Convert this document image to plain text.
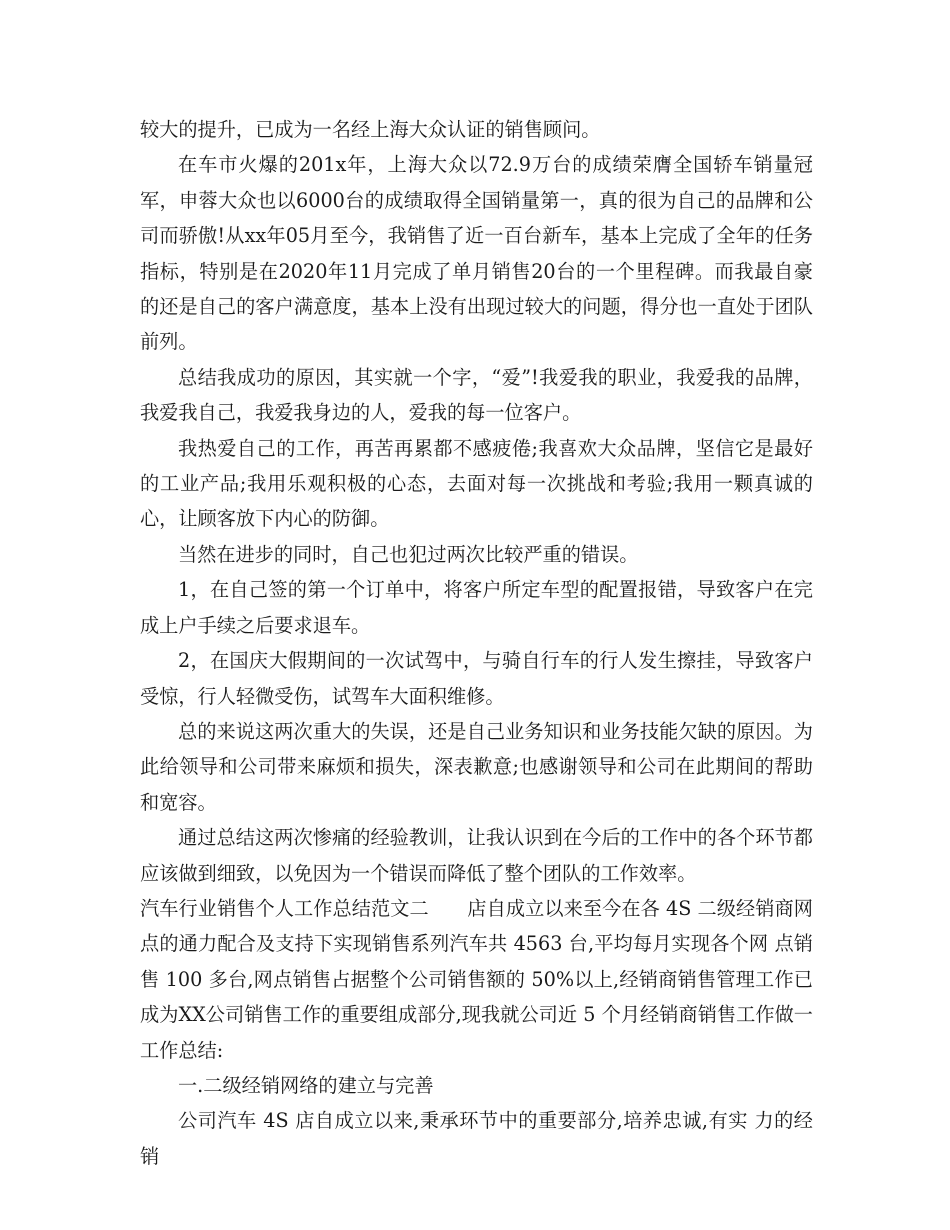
较大的提升，已成为一名经上海大众认证的销售顾问。

在车市火爆的201x年，上海大众以72.9万台的成绩荣膺全国轿车销量冠军，申蓉大众也以6000台的成绩取得全国销量第一，真的很为自己的品牌和公司而骄傲!从xx年05月至今，我销售了近一百台新车，基本上完成了全年的任务指标，特别是在2020年11月完成了单月销售20台的一个里程碑。而我最自豪的还是自己的客户满意度，基本上没有出现过较大的问题，得分也一直处于团队前列。

总结我成功的原因，其实就一个字，“爱”!我爱我的职业，我爱我的品牌，我爱我自己，我爱我身边的人，爱我的每一位客户。

我热爱自己的工作，再苦再累都不感疲倦;我喜欢大众品牌，坚信它是最好的工业产品;我用乐观积极的心态，去面对每一次挑战和考验;我用一颗真诚的心，让顾客放下内心的防御。

当然在进步的同时，自己也犯过两次比较严重的错误。

1，在自己签的第一个订单中，将客户所定车型的配置报错，导致客户在完成上户手续之后要求退车。

2，在国庆大假期间的一次试驾中，与骑自行车的行人发生擦挂，导致客户受惊，行人轻微受伤，试驾车大面积维修。

总的来说这两次重大的失误，还是自己业务知识和业务技能欠缺的原因。为此给领导和公司带来麻烦和损失，深表歉意;也感谢领导和公司在此期间的帮助和宽容。

通过总结这两次惨痛的经验教训，让我认识到在今后的工作中的各个环节都应该做到细致，以免因为一个错误而降低了整个团队的工作效率。

汽车行业销售个人工作总结范文二　　店自成立以来至今在各 4S 二级经销商网点的通力配合及支持下实现销售系列汽车共 4563 台,平均每月实现各个网 点销售 100 多台,网点销售占据整个公司销售额的 50%以上,经销商销售管理工作已成为XX公司销售工作的重要组成部分,现我就公司近 5 个月经销商销售工作做一工作总结:

一.二级经销网络的建立与完善

公司汽车 4S 店自成立以来,秉承环节中的重要部分,培养忠诚,有实 力的经销
